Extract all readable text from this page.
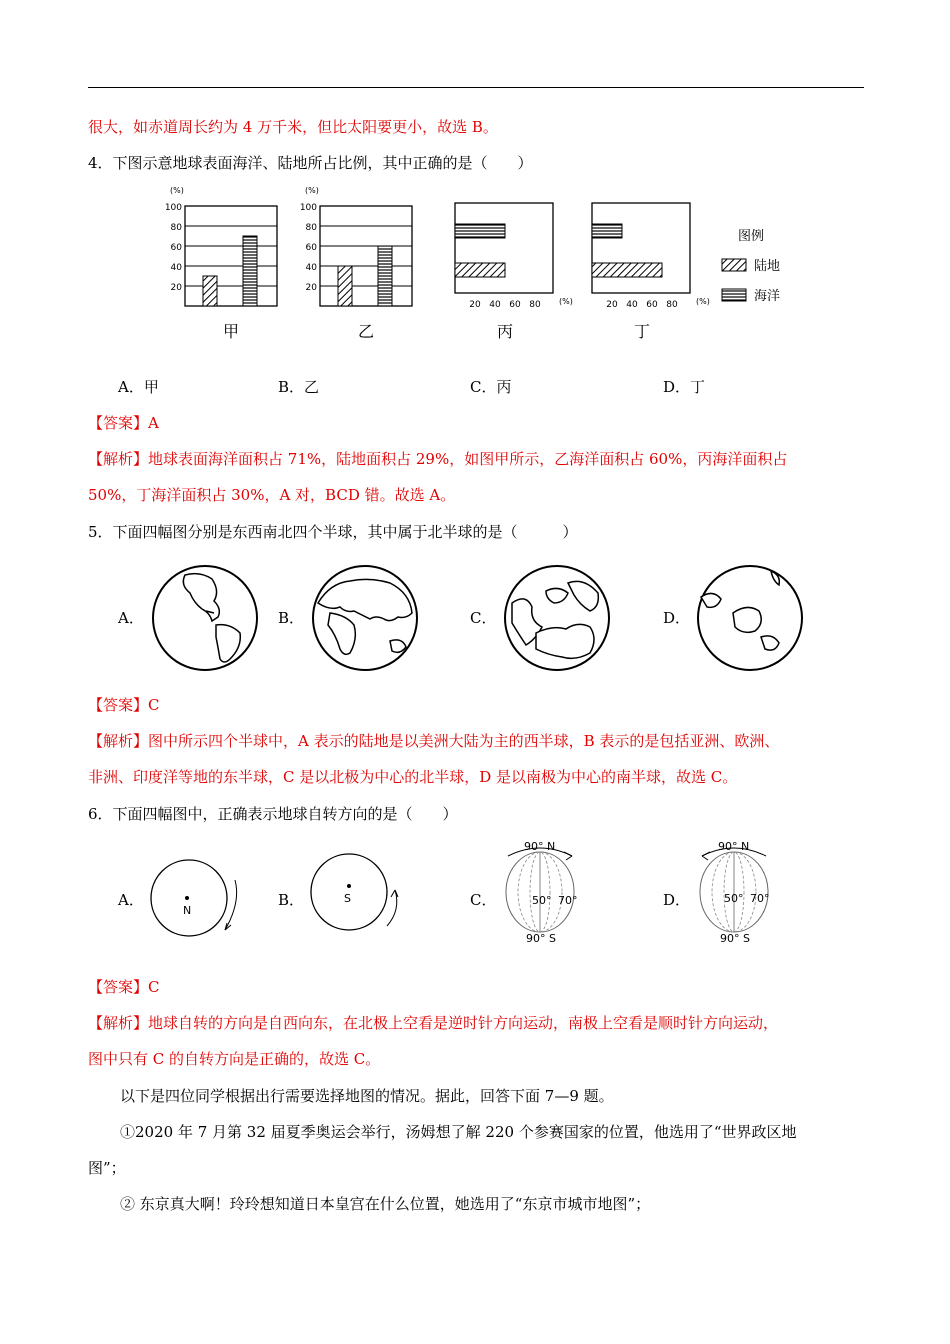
很大，如赤道周长约为 4 万千米，但比太阳要更小，故选 B。
4．下图示意地球表面海洋、陆地所占比例，其中正确的是（　　）
(%)
100
80
60
40
20
甲
(%)
100
80
60
40
20
乙
20 40 60 80 (%)
丙
20 40 60 80 (%)
丁
图例
陆地
海洋
A．甲	B．乙	C．丙	D．丁
【答案】A
【解析】地球表面海洋面积占 71%，陆地面积占 29%，如图甲所示，乙海洋面积占 60%，丙海洋面积占
50%，丁海洋面积占 30%，A 对，BCD 错。故选 A。
5．下面四幅图分别是东西南北四个半球，其中属于北半球的是（　　　）
A．	B．	C．	D．
【答案】C
【解析】图中所示四个半球中，A 表示的陆地是以美洲大陆为主的西半球，B 表示的是包括亚洲、欧洲、
非洲、印度洋等地的东半球，C 是以北极为中心的北半球，D 是以南极为中心的南半球，故选 C。
6．下面四幅图中，正确表示地球自转方向的是（　　）
A．	B．	C．	D．
N
S
90° N
50° 70°
90° S
90° N
50° 70°
90° S
【答案】C
【解析】地球自转的方向是自西向东，在北极上空看是逆时针方向运动，南极上空看是顺时针方向运动，
图中只有 C 的自转方向是正确的，故选 C。
以下是四位同学根据出行需要选择地图的情况。据此，回答下面 7—9 题。
①2020 年 7 月第 32 届夏季奥运会举行，汤姆想了解 220 个参赛国家的位置，他选用了“世界政区地
图”；
② 东京真大啊！玲玲想知道日本皇宫在什么位置，她选用了“东京市城市地图”；
